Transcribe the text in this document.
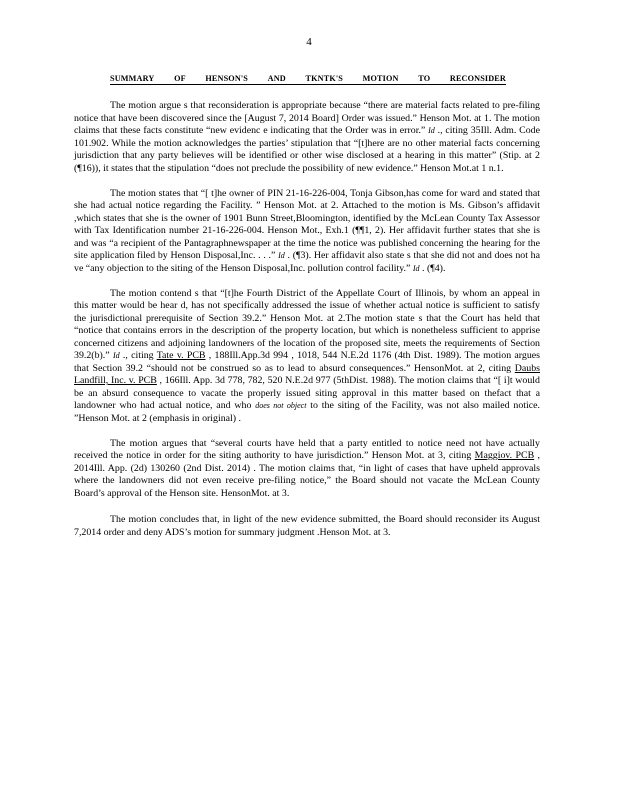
4
SUMMARY OF HENSON'S AND TKNTK'S MOTION TO RECONSIDER

The motion argue s that reconsideration is appropriate because “there are material facts related to pre-filing notice that have been discovered since the [August 7, 2014 Board] Order was issued.” Henson Mot. at 1. The motion claims that these facts constitute “new evidenc e indicating that the Order was in error.” Id ., citing 35Ill. Adm. Code 101.902. While the motion acknowledges the parties’ stipulation that “[t]here are no other material facts concerning jurisdiction that any party believes will be identified or other wise disclosed at a hearing in this matter” (Stip. at 2 (¶16)), it states that the stipulation “does not preclude the possibility of new evidence.” Henson Mot.at 1 n.1.

The motion states that “[ t]he owner of PIN 21-16-226-004, Tonja Gibson,has come for ward and stated that she had actual notice regarding the Facility. ” Henson Mot. at 2. Attached to the motion is Ms. Gibson’s affidavit ,which states that she is the owner of 1901 Bunn Street,Bloomington, identified by the McLean County Tax Assessor with Tax Identification number 21-16-226-004. Henson Mot., Exh.1 (¶¶1, 2). Her affidavit further states that she is and was “a recipient of the Pantagraphnewspaper at the time the notice was published concerning the hearing for the site application filed by Henson Disposal,Inc. . . .” Id . (¶3). Her affidavit also state s that she did not and does not ha ve “any objection to the siting of the Henson Disposal,Inc. pollution control facility.” Id . (¶4).

The motion contend s that “[t]he Fourth District of the Appellate Court of Illinois, by whom an appeal in this matter would be hear d, has not specifically addressed the issue of whether actual notice is sufficient to satisfy the jurisdictional prerequisite of Section 39.2.” Henson Mot. at 2.The motion state s that the Court has held that “notice that contains errors in the description of the property location, but which is nonetheless sufficient to apprise concerned citizens and adjoining landowners of the location of the proposed site, meets the requirements of Section 39.2(b).” Id ., citing Tate v. PCB , 188Ill.App.3d 994 , 1018, 544 N.E.2d 1176 (4th Dist. 1989). The motion argues that Section 39.2 “should not be construed so as to lead to absurd consequences.” HensonMot. at 2, citing Daubs Landfill, Inc. v. PCB , 166Ill. App. 3d 778, 782, 520 N.E.2d 977 (5thDist. 1988). The motion claims that “[ i]t would be an absurd consequence to vacate the properly issued siting approval in this matter based on thefact that a landowner who had actual notice, and who does not object to the siting of the Facility, was not also mailed notice. ”Henson Mot. at 2 (emphasis in original) .

The motion argues that “several courts have held that a party entitled to notice need not have actually received the notice in order for the siting authority to have jurisdiction.” Henson Mot. at 3, citing Maggiov. PCB , 2014Ill. App. (2d) 130260 (2nd Dist. 2014) . The motion claims that, “in light of cases that have upheld approvals where the landowners did not even receive pre-filing notice,” the Board should not vacate the McLean County Board’s approval of the Henson site. HensonMot. at 3.

The motion concludes that, in light of the new evidence submitted, the Board should reconsider its August 7,2014 order and deny ADS’s motion for summary judgment .Henson Mot. at 3.
